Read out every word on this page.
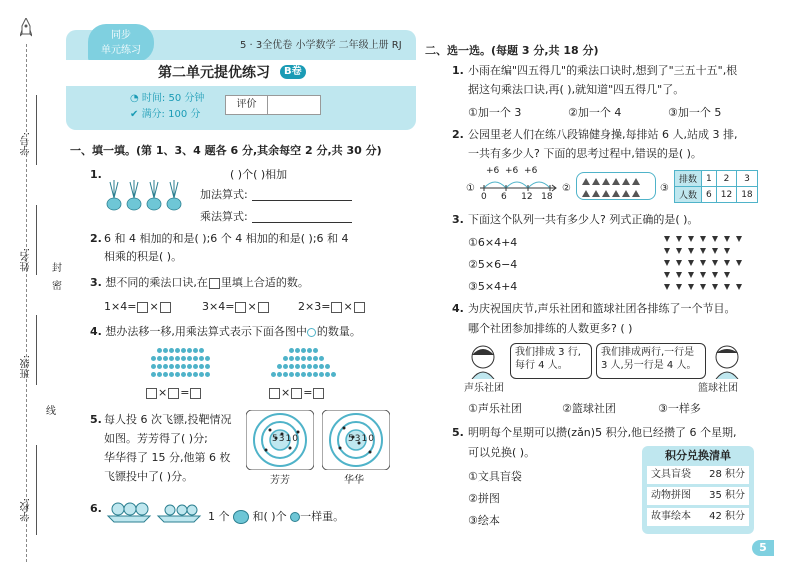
学号:
姓名:
密
班级:
线
学校:
封
同步
单元练习	5 · 3全优卷 小学数学 二年级上册 RJ
第二单元提优练习	B卷
◔ 时间: 50 分钟
✔ 满分: 100 分
评价
一、填一填。(第 1、3、4 题各 6 分,其余每空 2 分,共 30 分)
1.	( )个( )相加
加法算式:
乘法算式:
2. 6 和 4 相加的和是( );6 个 4 相加的和是( );6 和 4
相乘的积是( )。
3. 想不同的乘法口诀,在 里填上合适的数。
1×4= ×	3×4= ×	2×3= ×
4. 想办法移一移,用乘法算式表示下面各图中 的数量。
× =	× =
5. 每人投 6 次飞镖,投靶情况
如图。芳芳得了( )分;
华华得了 15 分,他第 6 枚
飞镖投中了( )分。
5310
芳芳
5310
华华
6.
1 个 和( )个 一样重。
二、选一选。(每题 3 分,共 18 分)
1. 小雨在编"四五得几"的乘法口诀时,想到了"三五十五",根
据这句乘法口诀,再( ),就知道"四五得几"了。
①加一个 3	②加一个 4	③加一个 5
2. 公园里老人们在练八段锦健身操,每排站 6 人,站成 3 排,
一共有多少人? 下面的思考过程中,错误的是( )。
①
+6 +6 +6
0 6 12 18
②	③
排数	1	2	3
人数	6	12	18
3. 下面这个队列一共有多少人? 列式正确的是( )。
①6×4+4
②5×6−4
③5×4+4
4. 为庆祝国庆节,声乐社团和篮球社团各排练了一个节目。
哪个社团参加排练的人数更多? ( )
我们排成 3 行,
每行 4 人。
我们排成两行,一行是
3 人,另一行是 4 人。
声乐社团	篮球社团
①声乐社团	②篮球社团	③一样多
5. 明明每个星期可以攒(zǎn)5 积分,他已经攒了 6 个星期,
可以兑换( )。
①文具盲袋
②拼图
③绘本
积分兑换清单
文具盲袋 28 积分
动物拼图 35 积分
故事绘本 42 积分
5
